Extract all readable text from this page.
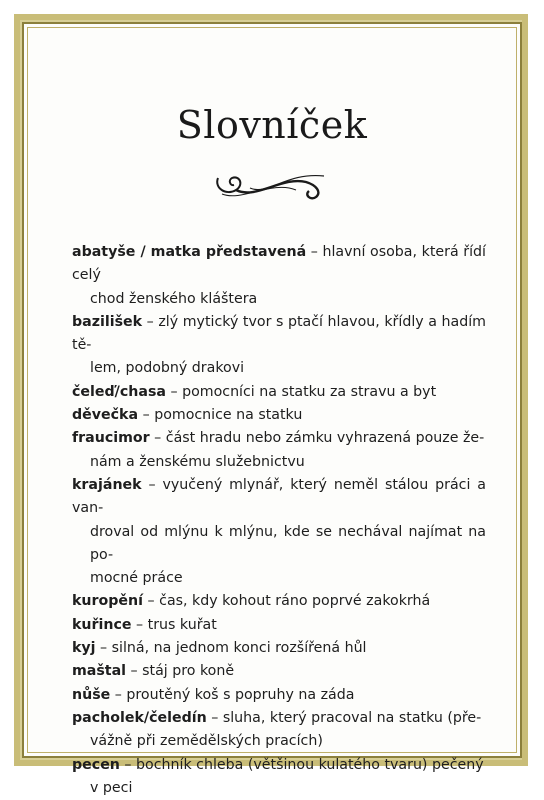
Slovníček

abatyše / matka představená – hlavní osoba, která řídí celý
chod ženského kláštera

bazilišek – zlý mytický tvor s ptačí hlavou, křídly a hadím tě-
lem, podobný drakovi

čeleď/chasa – pomocníci na statku za stravu a byt

děvečka – pomocnice na statku

fraucimor – část hradu nebo zámku vyhrazená pouze že-
nám a ženskému služebnictvu

krajánek – vyučený mlynář, který neměl stálou práci a van-
droval od mlýnu k mlýnu, kde se nechával najímat na po-
mocné práce

kuropění – čas, kdy kohout ráno poprvé zakokrhá

kuřince – trus kuřat

kyj – silná, na jednom konci rozšířená hůl

maštal – stáj pro koně

nůše – proutěný koš s popruhy na záda

pacholek/čeledín – sluha, který pracoval na statku (pře-
vážně při zemědělských pracích)

pecen – bochník chleba (většinou kulatého tvaru) pečený
v peci
